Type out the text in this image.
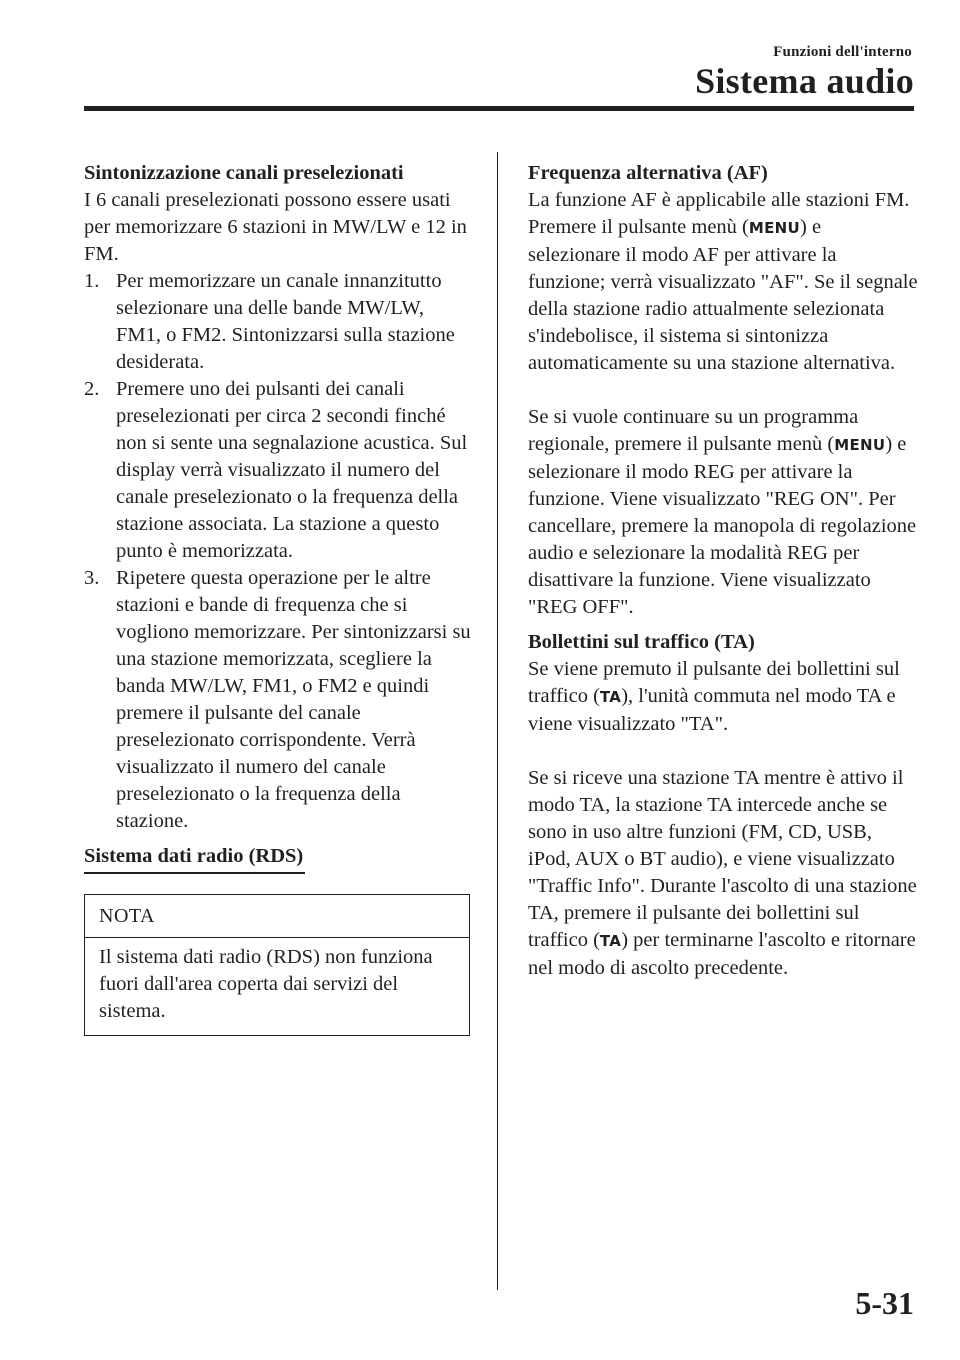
Funzioni dell'interno
Sistema audio

Sintonizzazione canali preselezionati

I 6 canali preselezionati possono essere usati per memorizzare 6 stazioni in MW/LW e 12 in FM.

1. Per memorizzare un canale innanzitutto selezionare una delle bande MW/LW, FM1, o FM2. Sintonizzarsi sulla stazione desiderata.
2. Premere uno dei pulsanti dei canali preselezionati per circa 2 secondi finché non si sente una segnalazione acustica. Sul display verrà visualizzato il numero del canale preselezionato o la frequenza della stazione associata. La stazione a questo punto è memorizzata.
3. Ripetere questa operazione per le altre stazioni e bande di frequenza che si vogliono memorizzare. Per sintonizzarsi su una stazione memorizzata, scegliere la banda MW/LW, FM1, o FM2 e quindi premere il pulsante del canale preselezionato corrispondente. Verrà visualizzato il numero del canale preselezionato o la frequenza della stazione.
Sistema dati radio (RDS)
NOTA
Il sistema dati radio (RDS) non funziona fuori dall'area coperta dai servizi del sistema.

Frequenza alternativa (AF)

La funzione AF è applicabile alle stazioni FM. Premere il pulsante menù (MENU) e selezionare il modo AF per attivare la funzione; verrà visualizzato "AF". Se il segnale della stazione radio attualmente selezionata s'indebolisce, il sistema si sintonizza automaticamente su una stazione alternativa.

Se si vuole continuare su un programma regionale, premere il pulsante menù (MENU) e selezionare il modo REG per attivare la funzione. Viene visualizzato "REG ON". Per cancellare, premere la manopola di regolazione audio e selezionare la modalità REG per disattivare la funzione. Viene visualizzato "REG OFF".

Bollettini sul traffico (TA)

Se viene premuto il pulsante dei bollettini sul traffico (TA), l'unità commuta nel modo TA e viene visualizzato "TA".

Se si riceve una stazione TA mentre è attivo il modo TA, la stazione TA intercede anche se sono in uso altre funzioni (FM, CD, USB, iPod, AUX o BT audio), e viene visualizzato "Traffic Info". Durante l'ascolto di una stazione TA, premere il pulsante dei bollettini sul traffico (TA) per terminarne l'ascolto e ritornare nel modo di ascolto precedente.

5-31
